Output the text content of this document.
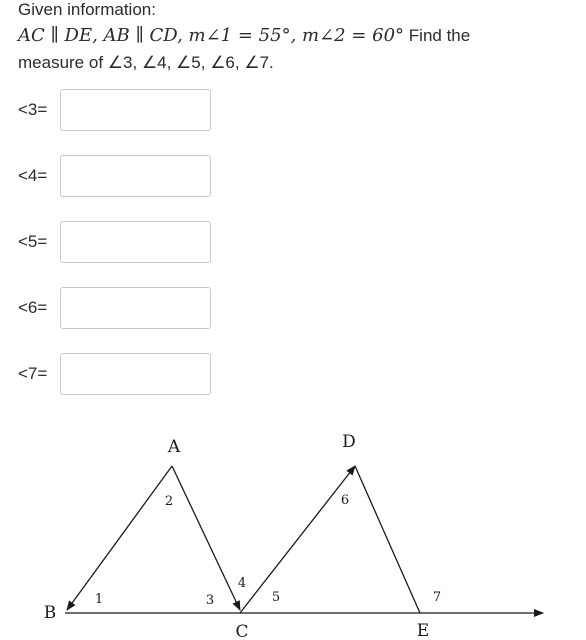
Given information:
AC ∥ DE, AB ∥ CD, m∠1 = 55°, m∠2 = 60° Find the
measure of ∠3, ∠4, ∠5, ∠6, ∠7.
<3=
<4=
<5=
<6=
<7=
A
B
C
D
E
1
2
3
4
5
6
7
